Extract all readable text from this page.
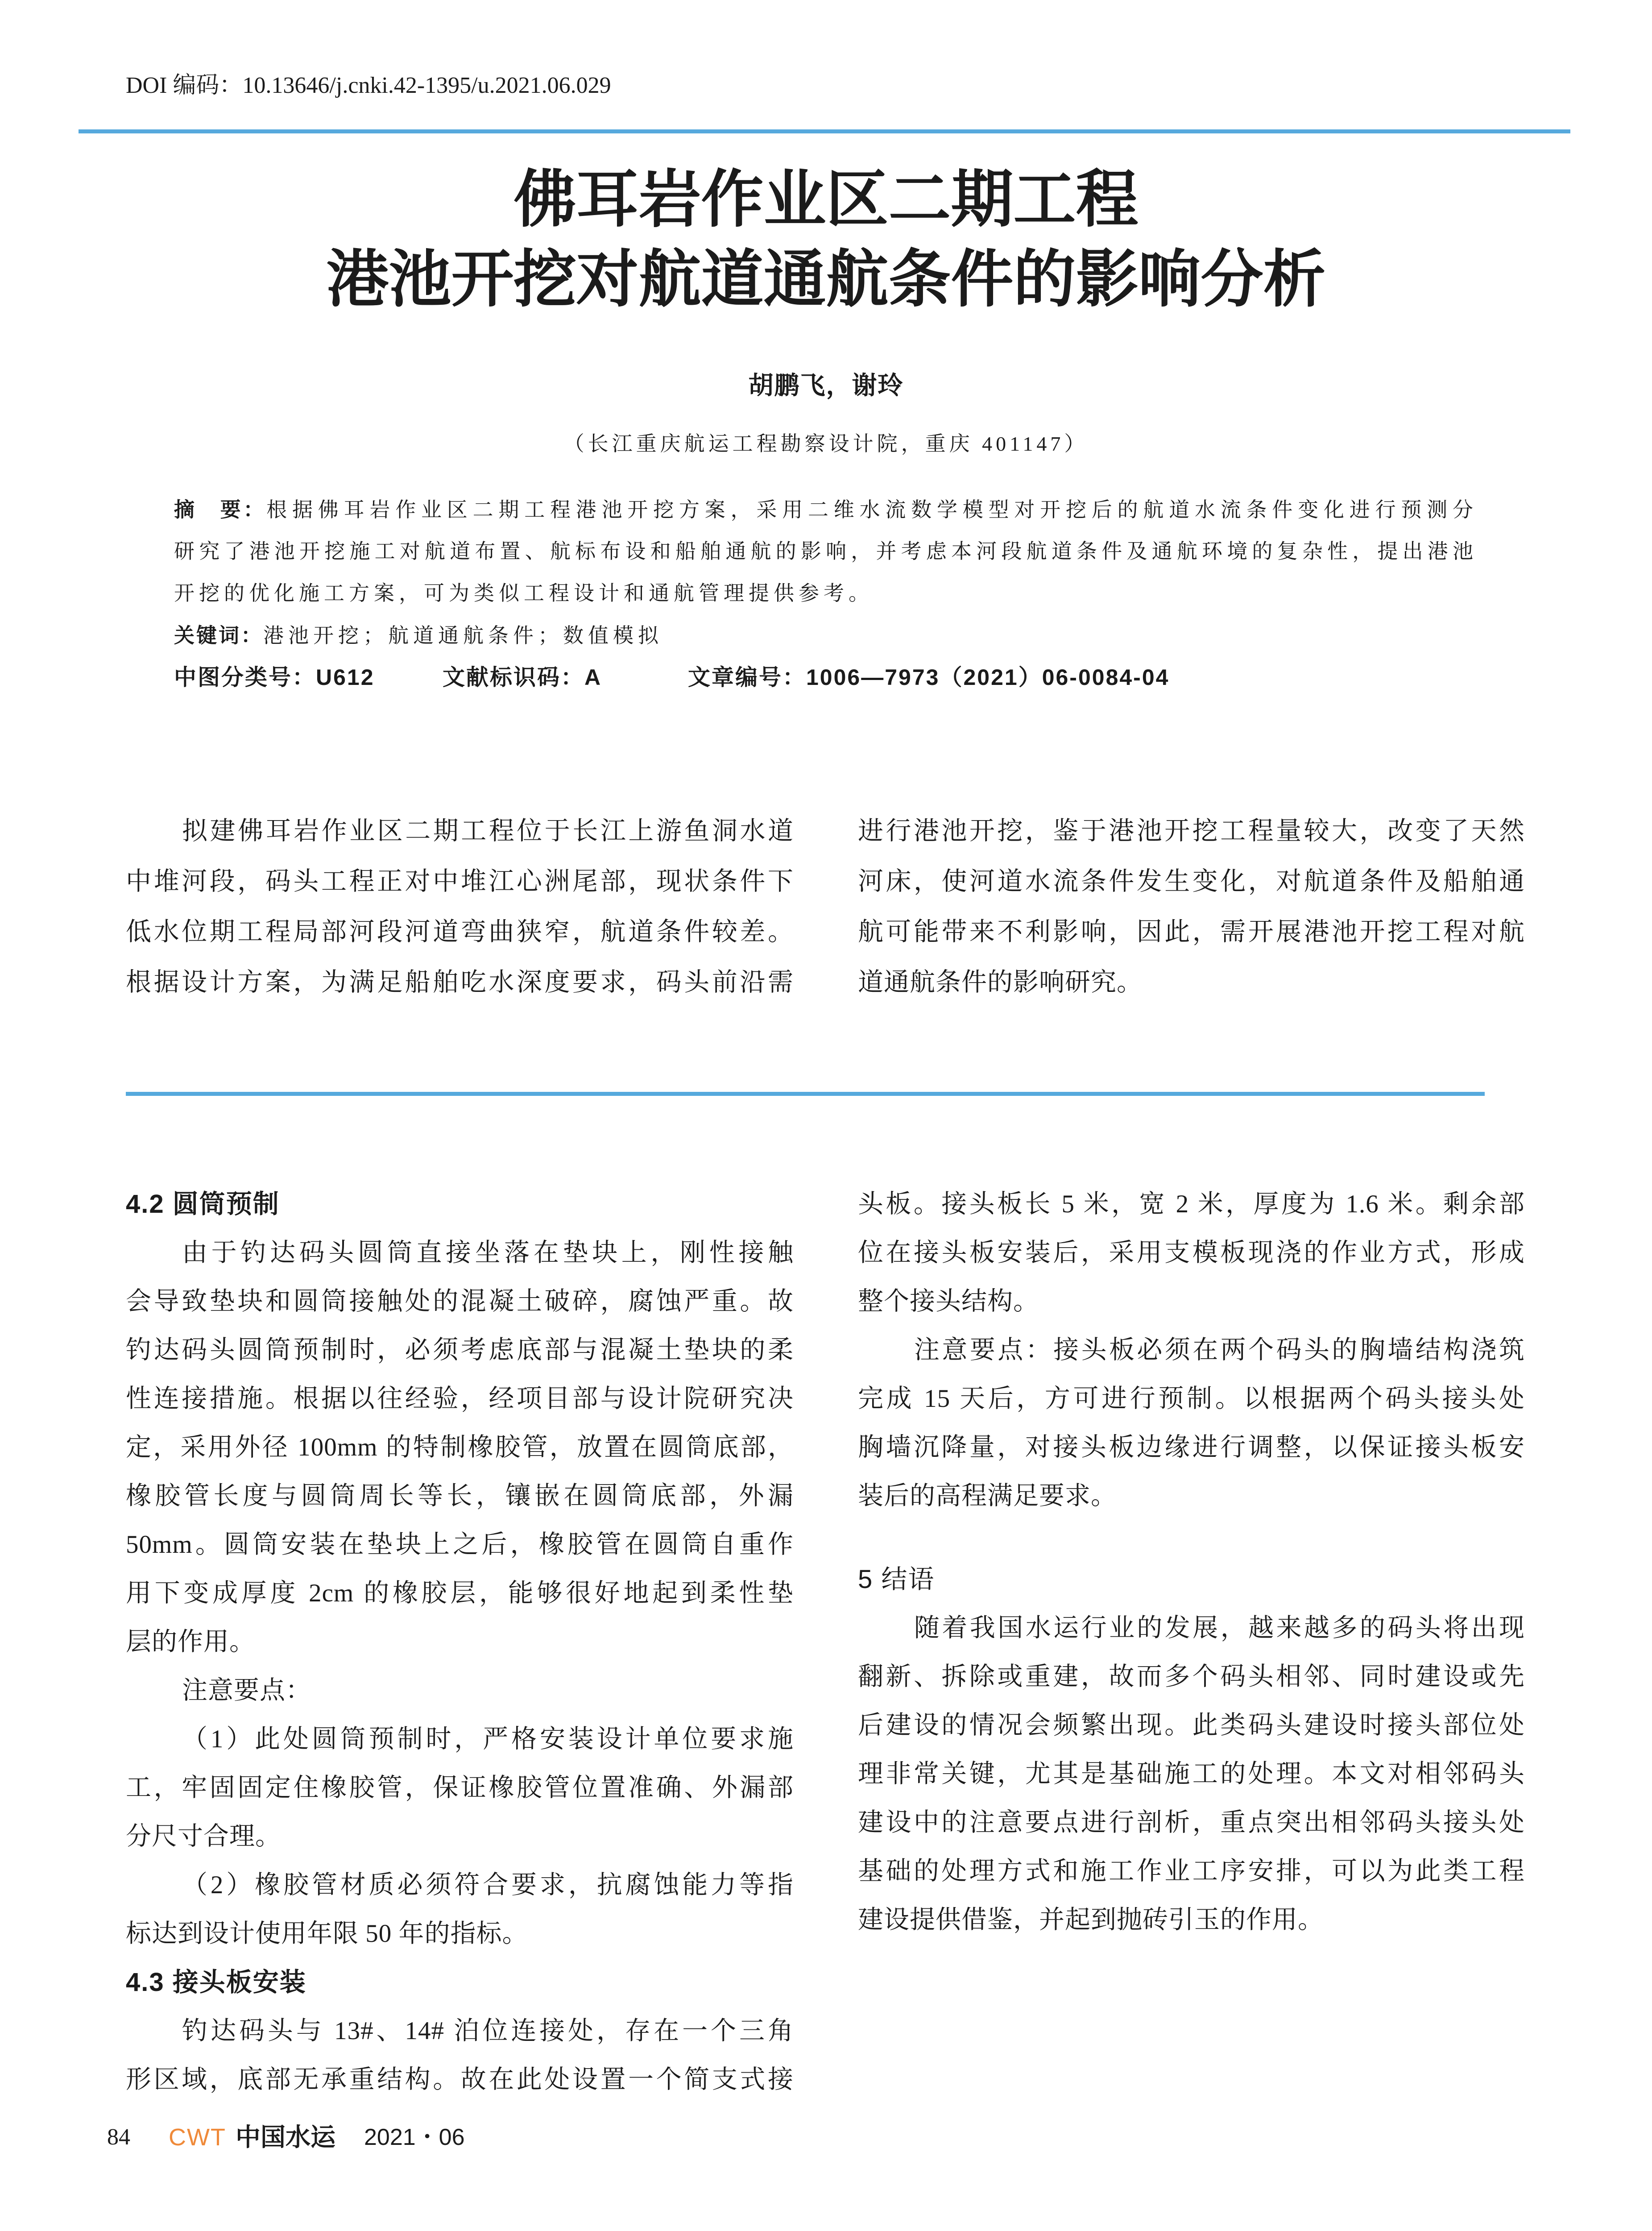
DOI 编码：10.13646/j.cnki.42-1395/u.2021.06.029
佛耳岩作业区二期工程
港池开挖对航道通航条件的影响分析
胡鹏飞，谢玲
（长江重庆航运工程勘察设计院，重庆 401147）
摘　要：根据佛耳岩作业区二期工程港池开挖方案，采用二维水流数学模型对开挖后的航道水流条件变化进行预测分
研究了港池开挖施工对航道布置、航标布设和船舶通航的影响，并考虑本河段航道条件及通航环境的复杂性，提出港池
开挖的优化施工方案，可为类似工程设计和通航管理提供参考。
关键词：港池开挖；航道通航条件；数值模拟
中图分类号：U612	文献标识码：A	文章编号：1006—7973（2021）06-0084-04
拟建佛耳岩作业区二期工程位于长江上游鱼洞水道
中堆河段，码头工程正对中堆江心洲尾部，现状条件下
低水位期工程局部河段河道弯曲狭窄，航道条件较差。
根据设计方案，为满足船舶吃水深度要求，码头前沿需
进行港池开挖，鉴于港池开挖工程量较大，改变了天然
河床，使河道水流条件发生变化，对航道条件及船舶通
航可能带来不利影响，因此，需开展港池开挖工程对航
道通航条件的影响研究。
4.2 圆筒预制
由于钓达码头圆筒直接坐落在垫块上，刚性接触
会导致垫块和圆筒接触处的混凝土破碎，腐蚀严重。故
钓达码头圆筒预制时，必须考虑底部与混凝土垫块的柔
性连接措施。根据以往经验，经项目部与设计院研究决
定，采用外径 100mm 的特制橡胶管，放置在圆筒底部，
橡胶管长度与圆筒周长等长，镶嵌在圆筒底部，外漏
50mm。圆筒安装在垫块上之后，橡胶管在圆筒自重作
用下变成厚度 2cm 的橡胶层，能够很好地起到柔性垫
层的作用。
注意要点：
（1）此处圆筒预制时，严格安装设计单位要求施
工，牢固固定住橡胶管，保证橡胶管位置准确、外漏部
分尺寸合理。
（2）橡胶管材质必须符合要求，抗腐蚀能力等指
标达到设计使用年限 50 年的指标。
4.3 接头板安装
钓达码头与 13#、14# 泊位连接处，存在一个三角
形区域，底部无承重结构。故在此处设置一个简支式接
头板。接头板长 5 米，宽 2 米，厚度为 1.6 米。剩余部
位在接头板安装后，采用支模板现浇的作业方式，形成
整个接头结构。
注意要点：接头板必须在两个码头的胸墙结构浇筑
完成 15 天后，方可进行预制。以根据两个码头接头处
胸墙沉降量，对接头板边缘进行调整，以保证接头板安
装后的高程满足要求。
5 结语
随着我国水运行业的发展，越来越多的码头将出现
翻新、拆除或重建，故而多个码头相邻、同时建设或先
后建设的情况会频繁出现。此类码头建设时接头部位处
理非常关键，尤其是基础施工的处理。本文对相邻码头
建设中的注意要点进行剖析，重点突出相邻码头接头处
基础的处理方式和施工作业工序安排，可以为此类工程
建设提供借鉴，并起到抛砖引玉的作用。
84 CWT 中国水运 2021・06
